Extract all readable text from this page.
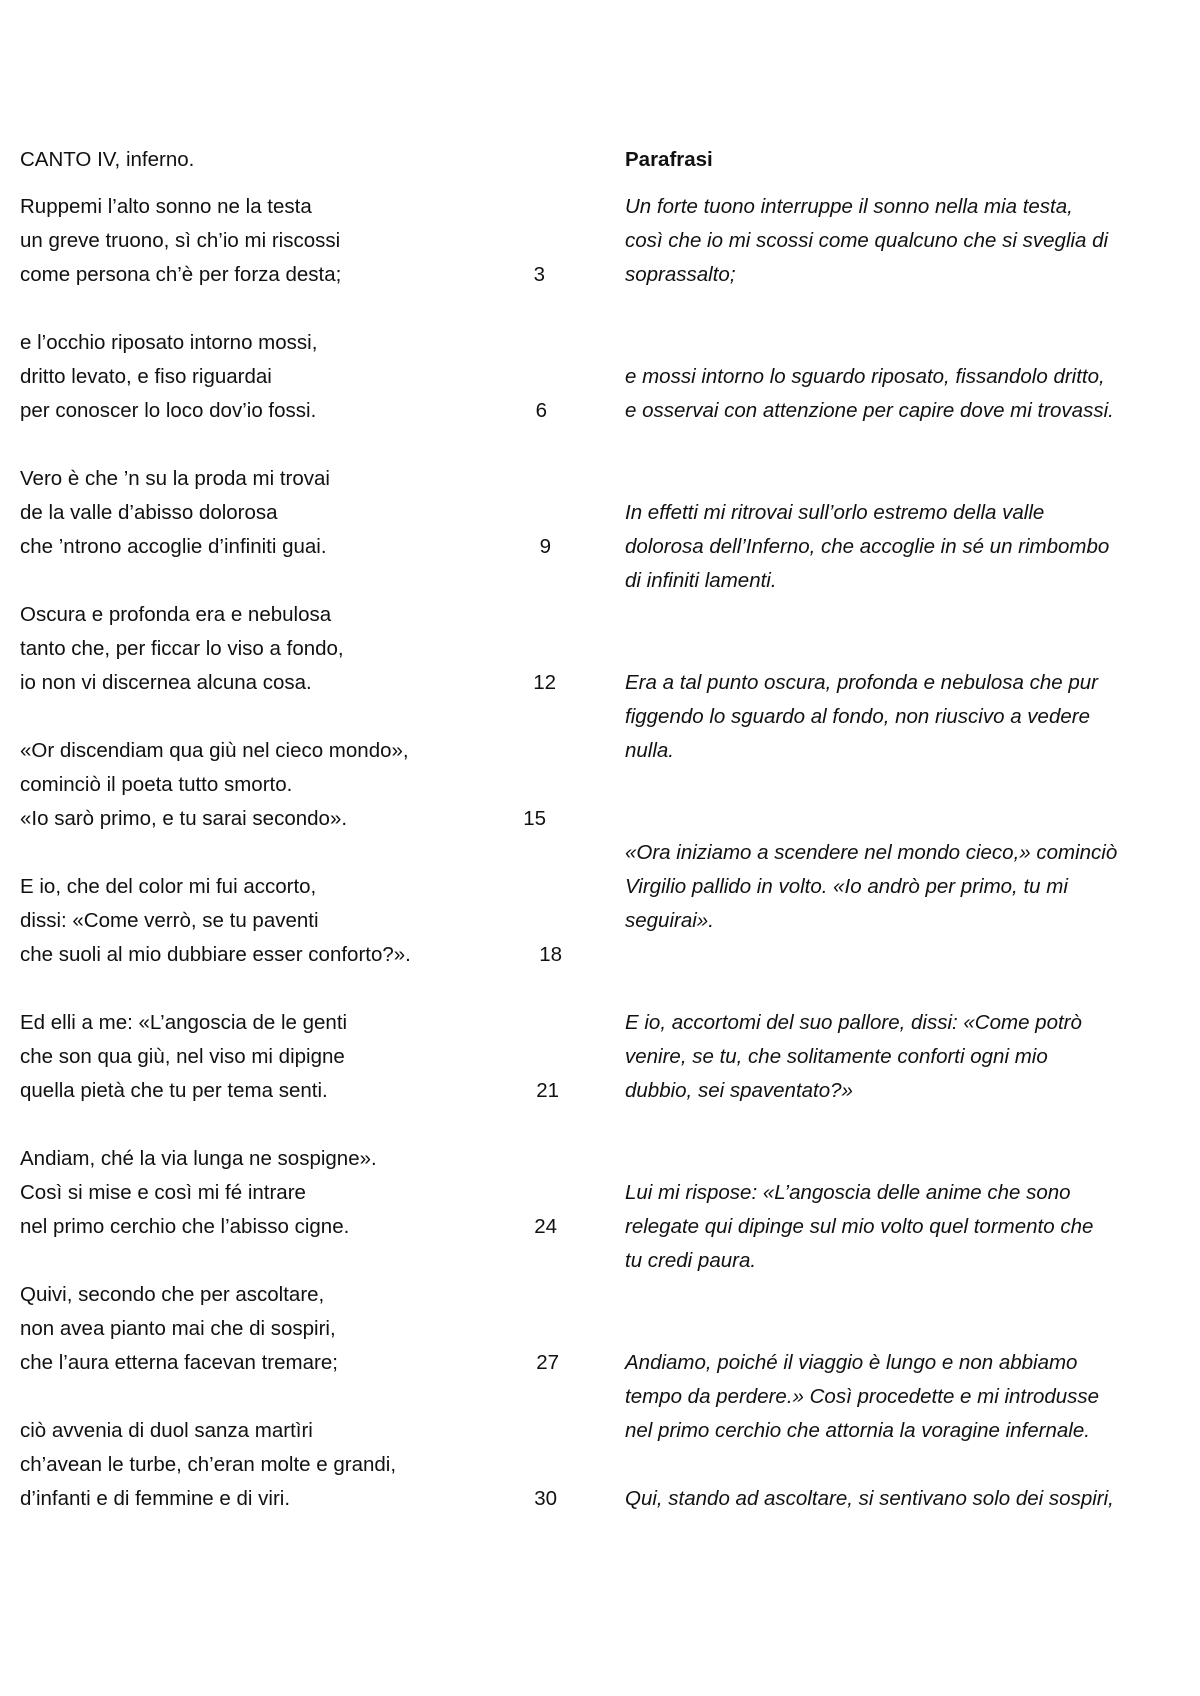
CANTO IV, inferno.
Ruppemi l’alto sonno ne la testa
un greve truono, sì ch’io mi riscossi
come persona ch’è per forza desta;
e l’occhio riposato intorno mossi,
dritto levato, e fiso riguardai
per conoscer lo loco dov’io fossi.
Vero è che ’n su la proda mi trovai
de la valle d’abisso dolorosa
che ’ntrono accoglie d’infiniti guai.
Oscura e profonda era e nebulosa
tanto che, per ficcar lo viso a fondo,
io non vi discernea alcuna cosa.
«Or discendiam qua giù nel cieco mondo»,
cominciò il poeta tutto smorto.
«Io sarò primo, e tu sarai secondo».
E io, che del color mi fui accorto,
dissi: «Come verrò, se tu paventi
che suoli al mio dubbiare esser conforto?».
Ed elli a me: «L’angoscia de le genti
che son qua giù, nel viso mi dipigne
quella pietà che tu per tema senti.
Andiam, ché la via lunga ne sospigne».
Così si mise e così mi fé intrare
nel primo cerchio che l’abisso cigne.
Quivi, secondo che per ascoltare,
non avea pianto mai che di sospiri,
che l’aura etterna facevan tremare;
ciò avvenia di duol sanza martìri
ch’avean le turbe, ch’eran molte e grandi,
d’infanti e di femmine e di viri.
3
6
9
12
15
18
21
24
27
30
Parafrasi
Un forte tuono interruppe il sonno nella mia testa,
così che io mi scossi come qualcuno che si sveglia di
soprassalto;
e mossi intorno lo sguardo riposato, fissandolo dritto,
e osservai con attenzione per capire dove mi trovassi.
In effetti mi ritrovai sull’orlo estremo della valle
dolorosa dell’Inferno, che accoglie in sé un rimbombo
di infiniti lamenti.
Era a tal punto oscura, profonda e nebulosa che pur
figgendo lo sguardo al fondo, non riuscivo a vedere
nulla.
«Ora iniziamo a scendere nel mondo cieco,» cominciò
Virgilio pallido in volto. «Io andrò per primo, tu mi
seguirai».
E io, accortomi del suo pallore, dissi: «Come potrò
venire, se tu, che solitamente conforti ogni mio
dubbio, sei spaventato?»
Lui mi rispose: «L’angoscia delle anime che sono
relegate qui dipinge sul mio volto quel tormento che
tu credi paura.
Andiamo, poiché il viaggio è lungo e non abbiamo
tempo da perdere.» Così procedette e mi introdusse
nel primo cerchio che attornia la voragine infernale.
Qui, stando ad ascoltare, si sentivano solo dei sospiri,
